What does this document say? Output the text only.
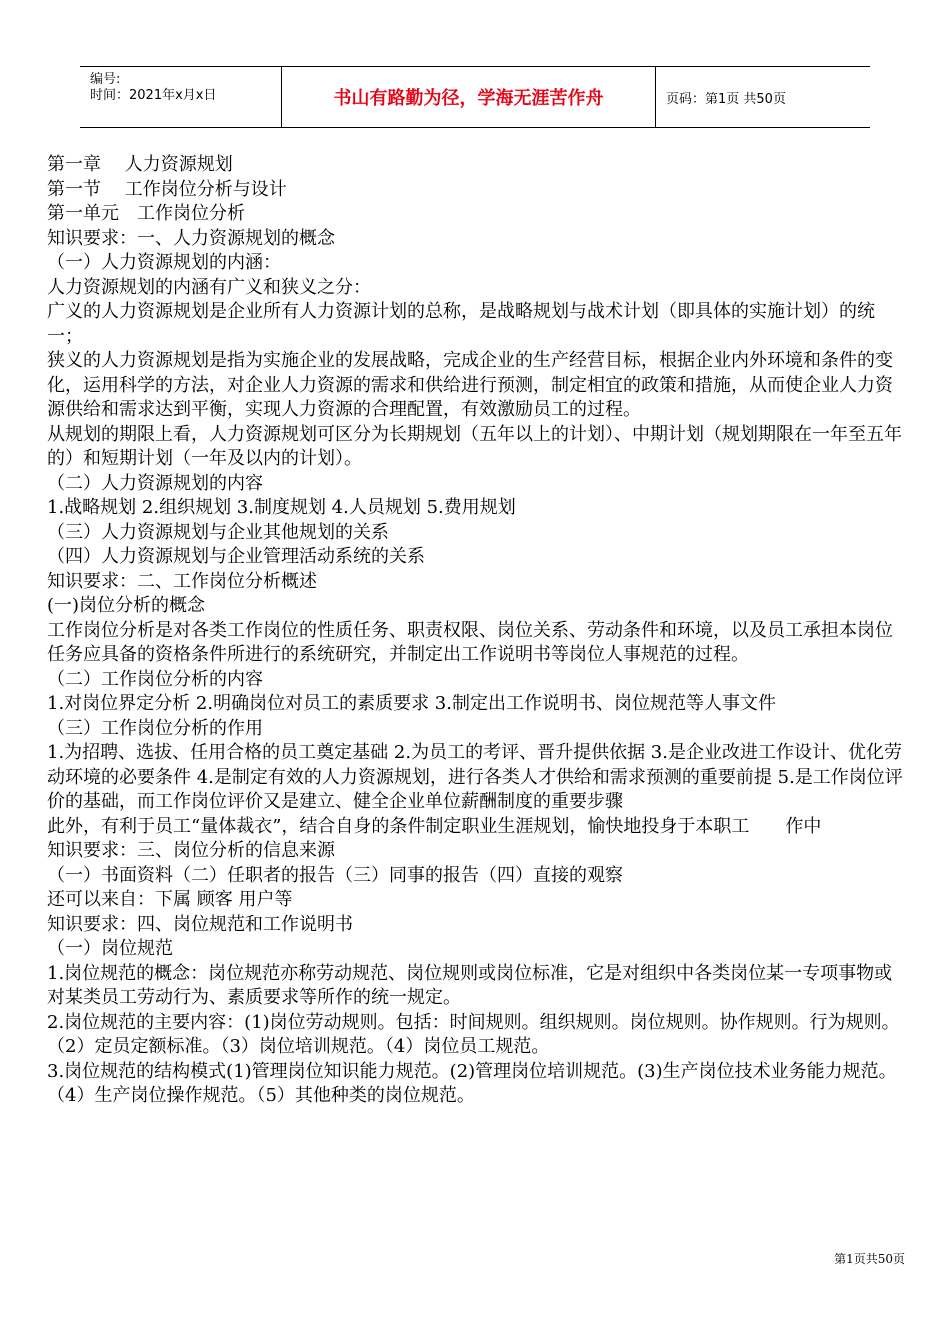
编号:
时间：2021年x月x日	书山有路勤为径，学海无涯苦作舟	页码：第1页 共50页

第一章　 人力资源规划

第一节　 工作岗位分析与设计

第一单元　工作岗位分析

知识要求：一、人力资源规划的概念

（一）人力资源规划的内涵：

人力资源规划的内涵有广义和狭义之分：

广义的人力资源规划是企业所有人力资源计划的总称，是战略规划与战术计划（即具体的实施计划）的统一；

狭义的人力资源规划是指为实施企业的发展战略，完成企业的生产经营目标，根据企业内外环境和条件的变化，运用科学的方法，对企业人力资源的需求和供给进行预测，制定相宜的政策和措施，从而使企业人力资源供给和需求达到平衡，实现人力资源的合理配置，有效激励员工的过程。

从规划的期限上看，人力资源规划可区分为长期规划（五年以上的计划）、中期计划（规划期限在一年至五年的）和短期计划（一年及以内的计划）。

（二）人力资源规划的内容

1.战略规划 2.组织规划 3.制度规划 4.人员规划 5.费用规划

（三）人力资源规划与企业其他规划的关系

（四）人力资源规划与企业管理活动系统的关系

知识要求：二、工作岗位分析概述

(一)岗位分析的概念

工作岗位分析是对各类工作岗位的性质任务、职责权限、岗位关系、劳动条件和环境，以及员工承担本岗位任务应具备的资格条件所进行的系统研究，并制定出工作说明书等岗位人事规范的过程。

（二）工作岗位分析的内容

1.对岗位界定分析 2.明确岗位对员工的素质要求 3.制定出工作说明书、岗位规范等人事文件

（三）工作岗位分析的作用

1.为招聘、选拔、任用合格的员工奠定基础 2.为员工的考评、晋升提供依据 3.是企业改进工作设计、优化劳动环境的必要条件 4.是制定有效的人力资源规划，进行各类人才供给和需求预测的重要前提 5.是工作岗位评价的基础，而工作岗位评价又是建立、健全企业单位薪酬制度的重要步骤

此外，有利于员工“量体裁衣”，结合自身的条件制定职业生涯规划，愉快地投身于本职工　　作中

知识要求：三、岗位分析的信息来源

（一）书面资料（二）任职者的报告（三）同事的报告（四）直接的观察

还可以来自：下属 顾客 用户等

知识要求：四、岗位规范和工作说明书

（一）岗位规范

1.岗位规范的概念：岗位规范亦称劳动规范、岗位规则或岗位标准，它是对组织中各类岗位某一专项事物或对某类员工劳动行为、素质要求等所作的统一规定。

2.岗位规范的主要内容：(1)岗位劳动规则。包括：时间规则。组织规则。岗位规则。协作规则。行为规则。（2）定员定额标准。（3）岗位培训规范。（4）岗位员工规范。

3.岗位规范的结构模式(1)管理岗位知识能力规范。(2)管理岗位培训规范。(3)生产岗位技术业务能力规范。（4）生产岗位操作规范。（5）其他种类的岗位规范。

第1页共50页
